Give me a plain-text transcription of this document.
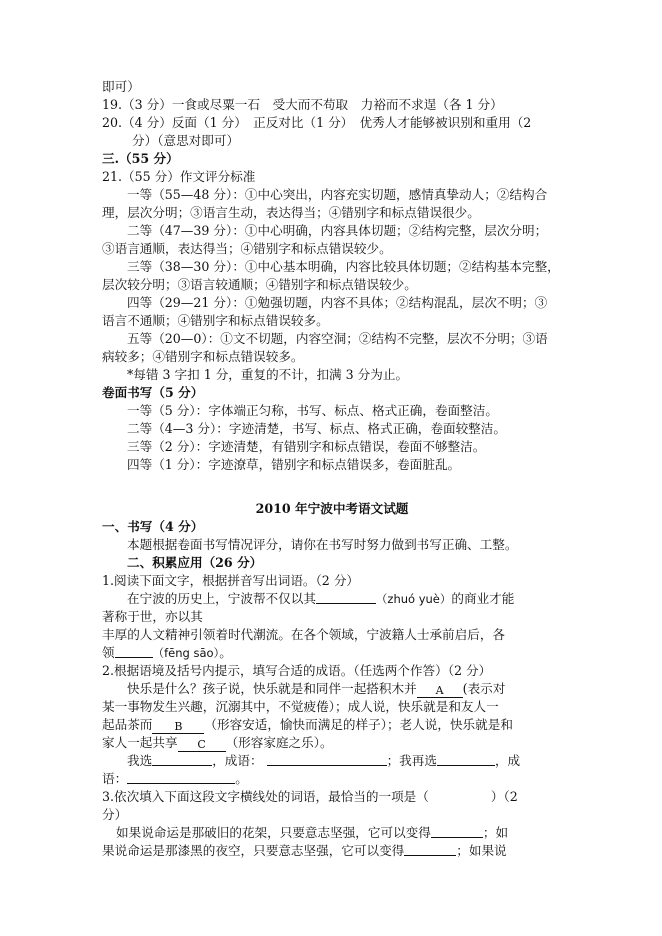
即可）
19.（3 分）一食或尽粟一石　受大而不苟取　力裕而不求逞（各 1 分）
20.（4 分）反面（1 分）　正反对比（1 分）　优秀人才能够被识别和重用（2
分）（意思对即可）
三.（55 分）
21.（55 分）作文评分标准
一等（55—48 分）：①中心突出，内容充实切题，感情真挚动人；②结构合
理，层次分明；③语言生动，表达得当；④错别字和标点错误很少。
二等（47—39 分）：①中心明确，内容具体切题；②结构完整，层次分明；
③语言通顺，表达得当；④错别字和标点错误较少。
三等（38—30 分）：①中心基本明确，内容比较具体切题；②结构基本完整，
层次较分明；③语言较通顺；④错别字和标点错误较少。
四等（29—21 分）：①勉强切题，内容不具体；②结构混乱，层次不明；③
语言不通顺；④错别字和标点错误较多。
五等（20—0）：①文不切题，内容空洞；②结构不完整，层次不分明；③语
病较多；④错别字和标点错误较多。
*每错 3 字扣 1 分，重复的不计，扣满 3 分为止。
卷面书写（5 分）
一等（5 分）：字体端正匀称，书写、标点、格式正确，卷面整洁。
二等（4—3 分）：字迹清楚，书写、标点、格式正确，卷面较整洁。
三等（2 分）：字迹清楚，有错别字和标点错误，卷面不够整洁。
四等（1 分）：字迹潦草，错别字和标点错误多，卷面脏乱。
2010 年宁波中考语文试题
一、书写（4 分）
本题根据卷面书写情况评分，请你在书写时努力做到书写正确、工整。
二、积累应用（26 分）
1.阅读下面文字，根据拼音写出词语。（2 分）
在宁波的历史上，宁波帮不仅以其	（zhuó yuè）的商业才能
著称于世，亦以其
丰厚的人文精神引领着时代潮流。在各个领域，宁波籍人士承前启后，各
领	（fēng sāo）。
2.根据语境及括号内提示，填写合适的成语。（任选两个作答）（2 分）
快乐是什么？孩子说，快乐就是和同伴一起搭积木并 A (表示对
某一事物发生兴趣，沉溺其中，不觉疲倦）；成人说，快乐就是和友人一
起品茶而 B （形容安适，愉快而满足的样子）；老人说，快乐就是和
家人一起共享 C （形容家庭之乐）。
我选	，成语：	；我再选	，成
语：	。
3.依次填入下面这段文字横线处的词语，最恰当的一项是（	）（2
分）
如果说命运是那破旧的花架，只要意志坚强，它可以变得	；如
果说命运是那漆黑的夜空，只要意志坚强，它可以变得	；如果说
